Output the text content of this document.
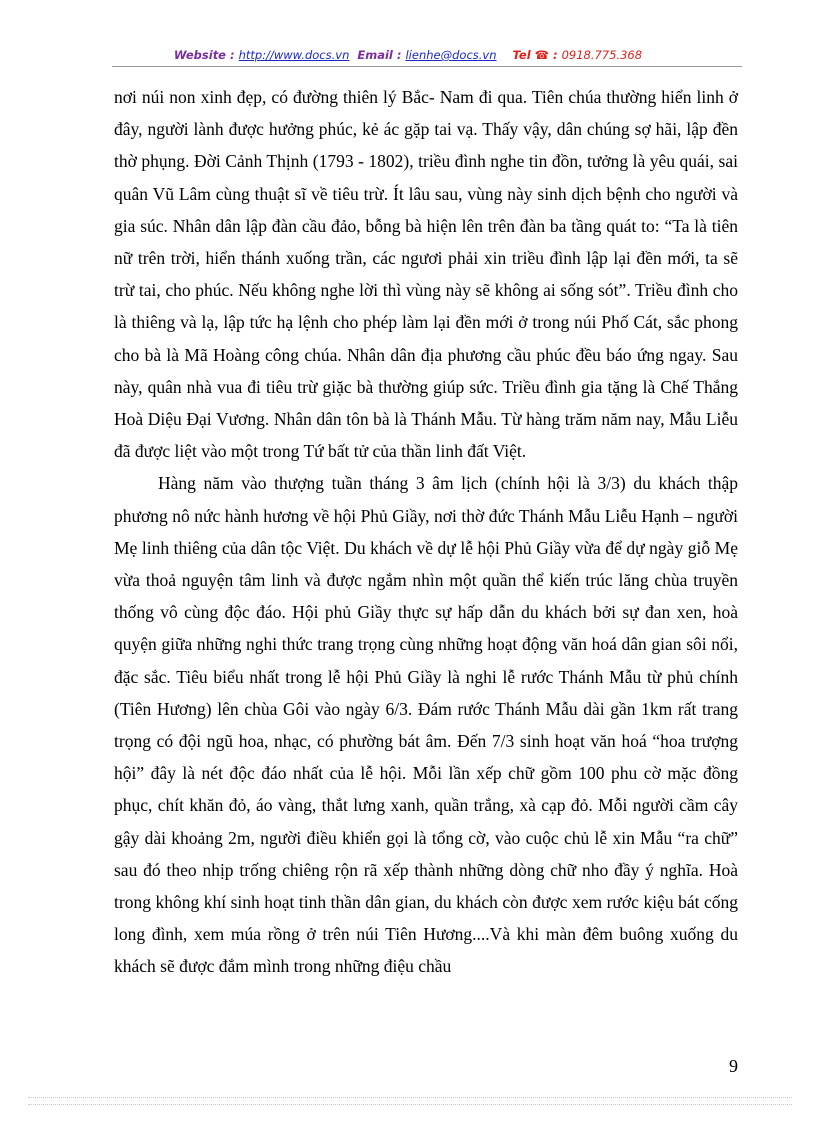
Website : http://www.docs.vn Email : lienhe@docs.vn Tel ☎ : 0918.775.368

nơi núi non xinh đẹp, có đường thiên lý Bắc- Nam đi qua. Tiên chúa thường hiển linh ở đây, người lành được hưởng phúc, kẻ ác gặp tai vạ. Thấy vậy, dân chúng sợ hãi, lập đền thờ phụng. Đời Cảnh Thịnh (1793 - 1802), triều đình nghe tin đồn, tưởng là yêu quái, sai quân Vũ Lâm cùng thuật sĩ về tiêu trừ. Ít lâu sau, vùng này sinh dịch bệnh cho người và gia súc. Nhân dân lập đàn cầu đảo, bỗng bà hiện lên trên đàn ba tầng quát to: “Ta là tiên nữ trên trời, hiển thánh xuống trần, các ngươi phải xin triều đình lập lại đền mới, ta sẽ trừ tai, cho phúc. Nếu không nghe lời thì vùng này sẽ không ai sống sót”. Triều đình cho là thiêng và lạ, lập tức hạ lệnh cho phép làm lại đền mới ở trong núi Phố Cát, sắc phong cho bà là Mã Hoàng công chúa. Nhân dân địa phương cầu phúc đều báo ứng ngay. Sau này, quân nhà vua đi tiêu trừ giặc bà thường giúp sức. Triều đình gia tặng là Chế Thắng Hoà Diệu Đại Vương. Nhân dân tôn bà là Thánh Mẫu. Từ hàng trăm năm nay, Mẫu Liễu đã được liệt vào một trong Tứ bất tử của thần linh đất Việt.

Hàng năm vào thượng tuần tháng 3 âm lịch (chính hội là 3/3) du khách thập phương nô nức hành hương về hội Phủ Giầy, nơi thờ đức Thánh Mẫu Liễu Hạnh – người Mẹ linh thiêng của dân tộc Việt. Du khách về dự lễ hội Phủ Giầy vừa để dự ngày giỗ Mẹ vừa thoả nguyện tâm linh và được ngắm nhìn một quần thể kiến trúc lăng chùa truyền thống vô cùng độc đáo. Hội phủ Giầy thực sự hấp dẫn du khách bởi sự đan xen, hoà quyện giữa những nghi thức trang trọng cùng những hoạt động văn hoá dân gian sôi nổi, đặc sắc. Tiêu biểu nhất trong lễ hội Phủ Giầy là nghi lễ rước Thánh Mẫu từ phủ chính (Tiên Hương) lên chùa Gôi vào ngày 6/3. Đám rước Thánh Mẫu dài gần 1km rất trang trọng có đội ngũ hoa, nhạc, có phường bát âm. Đến 7/3 sinh hoạt văn hoá “hoa trượng hội” đây là nét độc đáo nhất của lễ hội. Mỗi lần xếp chữ gồm 100 phu cờ mặc đồng phục, chít khăn đỏ, áo vàng, thắt lưng xanh, quần trắng, xà cạp đỏ. Mỗi người cầm cây gậy dài khoảng 2m, người điều khiển gọi là tổng cờ, vào cuộc chủ lễ xin Mẫu “ra chữ” sau đó theo nhịp trống chiêng rộn rã xếp thành những dòng chữ nho đầy ý nghĩa. Hoà trong không khí sinh hoạt tinh thần dân gian, du khách còn được xem rước kiệu bát cống long đình, xem múa rồng ở trên núi Tiên Hương....Và khi màn đêm buông xuống du khách sẽ được đắm mình trong những điệu chầu

9
